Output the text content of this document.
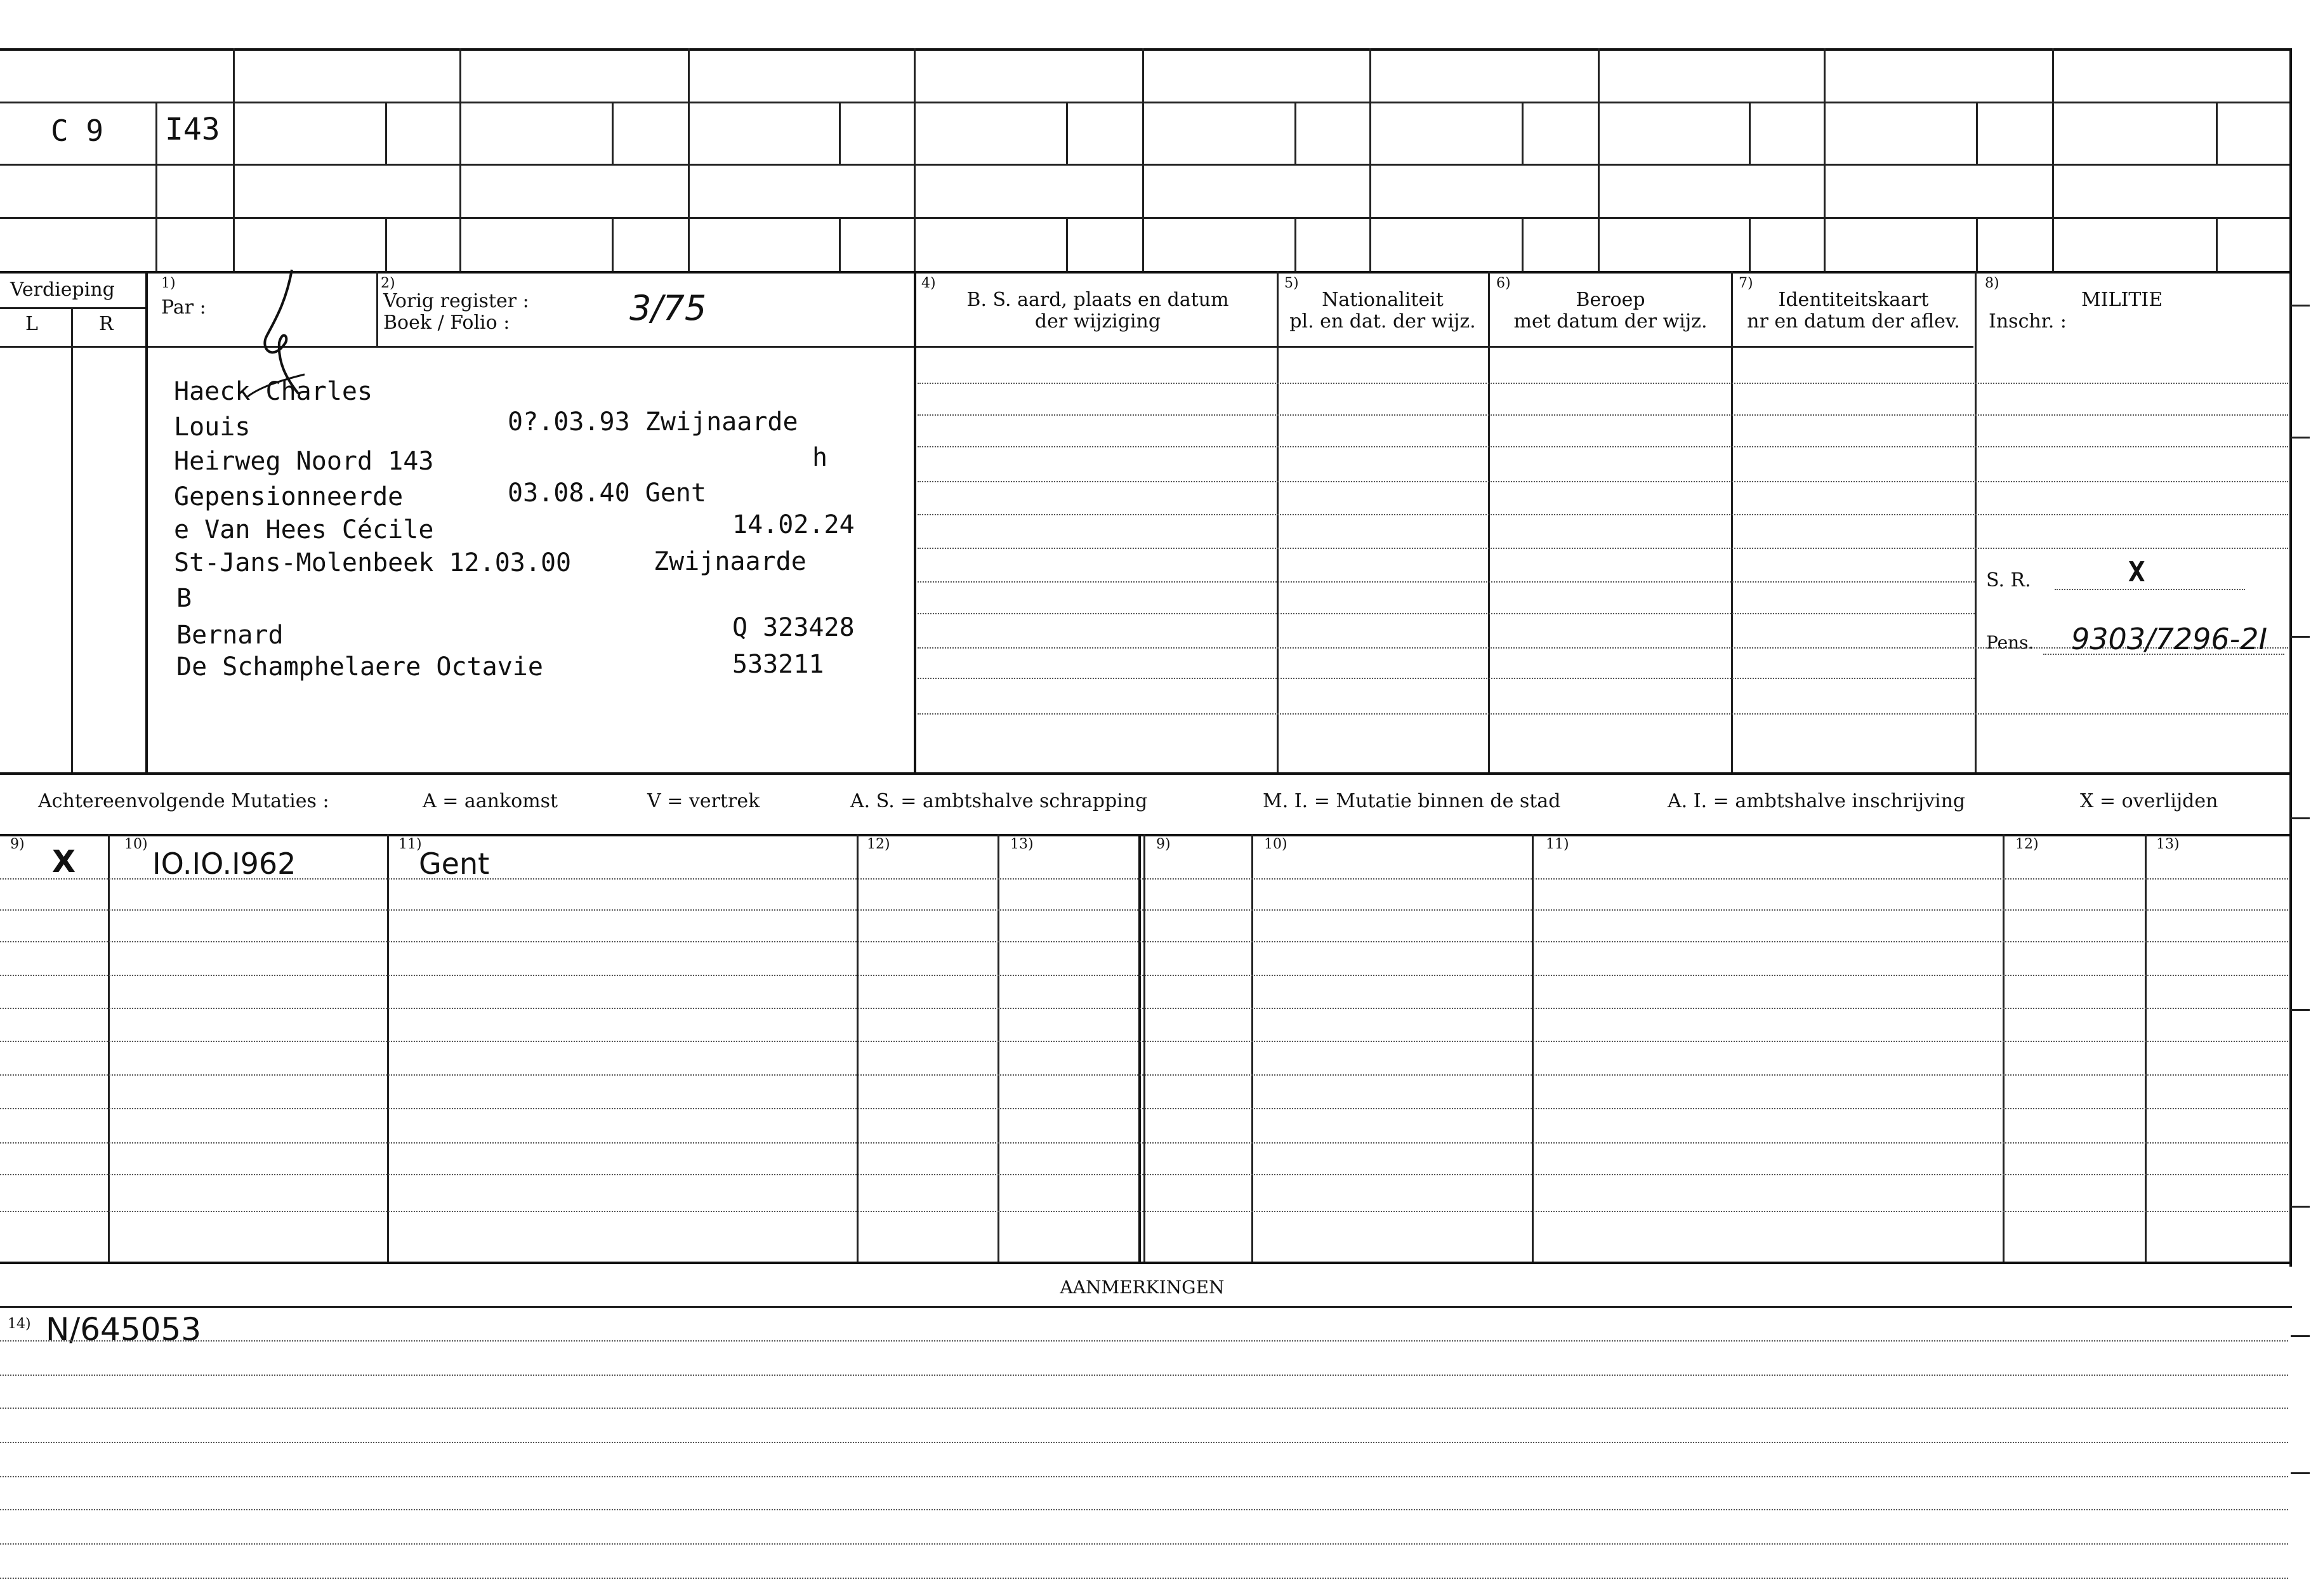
C 9 I43
Verdieping
L	R
1)
Par :
2)
Vorig register :
Boek / Folio :	3/75
4)
B. S. aard, plaats en datum
der wijziging
5)
Nationaliteit
pl. en dat. der wijz.
6)
Beroep
met datum der wijz.
7)
Identiteitskaart
nr en datum der aflev.
8)
MILITIE
Inschr. :
Haeck Charles
Louis	0?.03.93 Zwijnaarde
Heirweg Noord 143	h
Gepensionneerde	03.08.40 Gent
e Van Hees Cécile	14.02.24
St-Jans-Molenbeek 12.03.00	Zwijnaarde
B
Bernard	Q 323428
De Schamphelaere Octavie	533211
S. R.	X
Pens. 9303/7296-2I
Achtereenvolgende Mutaties :	A = aankomst	V = vertrek	A. S. = ambtshalve schrapping	M. I. = Mutatie binnen de stad	A. I. = ambtshalve inschrijving	X = overlijden
9)	10)	11)	12)	13)	9)	10)	11)	12)	13)
X	IO.IO.I962	Gent
AANMERKINGEN
14) N/645053
